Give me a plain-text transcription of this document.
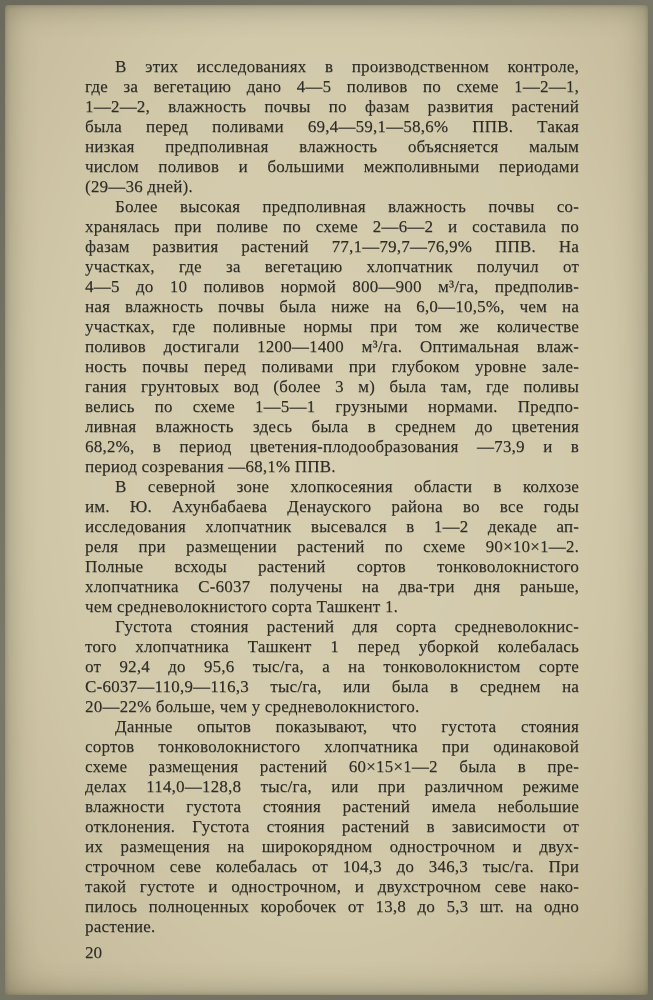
В этих исследованиях в производственном контроле,
где за вегетацию дано 4—5 поливов по схеме 1—2—1,
1—2—2, влажность почвы по фазам развития растений
была перед поливами 69,4—59,1—58,6% ППВ. Такая
низкая предполивная влажность объясняется малым
числом поливов и большими межполивными периодами
(29—36 дней).
Более высокая предполивная влажность почвы со-
хранялась при поливе по схеме 2—6—2 и составила по
фазам развития растений 77,1—79,7—76,9% ППВ. На
участках, где за вегетацию хлопчатник получил от
4—5 до 10 поливов нормой 800—900 м³/га, предполив-
ная влажность почвы была ниже на 6,0—10,5%, чем на
участках, где поливные нормы при том же количестве
поливов достигали 1200—1400 м³/га. Оптимальная влаж-
ность почвы перед поливами при глубоком уровне зале-
гания грунтовых вод (более 3 м) была там, где поливы
велись по схеме 1—5—1 грузными нормами. Предпо-
ливная влажность здесь была в среднем до цветения
68,2%, в период цветения-плодообразования —73,9 и в
период созревания —68,1% ППВ.
В северной зоне хлопкосеяния области в колхозе
им. Ю. Ахунбабаева Денауского района во все годы
исследования хлопчатник высевался в 1—2 декаде ап-
реля при размещении растений по схеме 90×10×1—2.
Полные всходы растений сортов тонковолокнистого
хлопчатника С-6037 получены на два-три дня раньше,
чем средневолокнистого сорта Ташкент 1.
Густота стояния растений для сорта средневолокнис-
того хлопчатника Ташкент 1 перед уборкой колебалась
от 92,4 до 95,6 тыс/га, а на тонковолокнистом сорте
С-6037—110,9—116,3 тыс/га, или была в среднем на
20—22% больше, чем у средневолокнистого.
Данные опытов показывают, что густота стояния
сортов тонковолокнистого хлопчатника при одинаковой
схеме размещения растений 60×15×1—2 была в пре-
делах 114,0—128,8 тыс/га, или при различном режиме
влажности густота стояния растений имела небольшие
отклонения. Густота стояния растений в зависимости от
их размещения на широкорядном однострочном и двух-
строчном севе колебалась от 104,3 до 346,3 тыс/га. При
такой густоте и однострочном, и двухстрочном севе нако-
пилось полноценных коробочек от 13,8 до 5,3 шт. на одно
растение.
20
